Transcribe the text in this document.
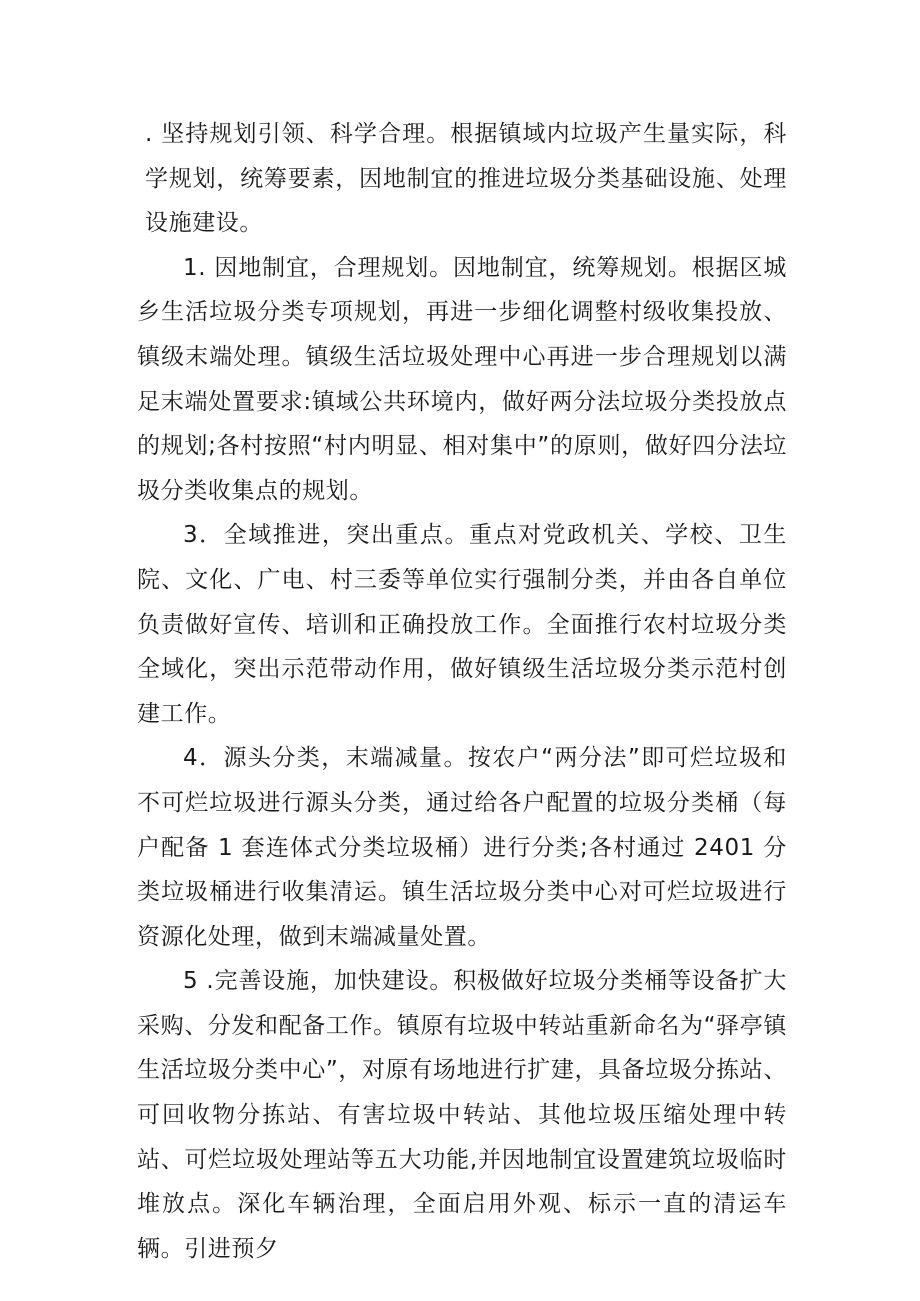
. 坚持规划引领、科学合理。根据镇域内垃圾产生量实际，科学规划，统筹要素，因地制宜的推进垃圾分类基础设施、处理设施建设。

1. 因地制宜，合理规划。因地制宜，统筹规划。根据区城乡生活垃圾分类专项规划，再进一步细化调整村级收集投放、镇级末端处理。镇级生活垃圾处理中心再进一步合理规划以满足末端处置要求:镇域公共环境内，做好两分法垃圾分类投放点的规划;各村按照“村内明显、相对集中”的原则，做好四分法垃圾分类收集点的规划。

3．全域推进，突出重点。重点对党政机关、学校、卫生院、文化、广电、村三委等单位实行强制分类，并由各自单位负责做好宣传、培训和正确投放工作。全面推行农村垃圾分类全域化，突出示范带动作用，做好镇级生活垃圾分类示范村创建工作。

4．源头分类，末端减量。按农户“两分法”即可烂垃圾和不可烂垃圾进行源头分类，通过给各户配置的垃圾分类桶（每户配备 1 套连体式分类垃圾桶）进行分类;各村通过 2401 分类垃圾桶进行收集清运。镇生活垃圾分类中心对可烂垃圾进行资源化处理，做到末端减量处置。

5 .完善设施，加快建设。积极做好垃圾分类桶等设备扩大采购、分发和配备工作。镇原有垃圾中转站重新命名为“驿亭镇生活垃圾分类中心”，对原有场地进行扩建，具备垃圾分拣站、可回收物分拣站、有害垃圾中转站、其他垃圾压缩处理中转站、可烂垃圾处理站等五大功能,并因地制宜设置建筑垃圾临时堆放点。深化车辆治理，全面启用外观、标示一直的清运车辆。引进预夕
